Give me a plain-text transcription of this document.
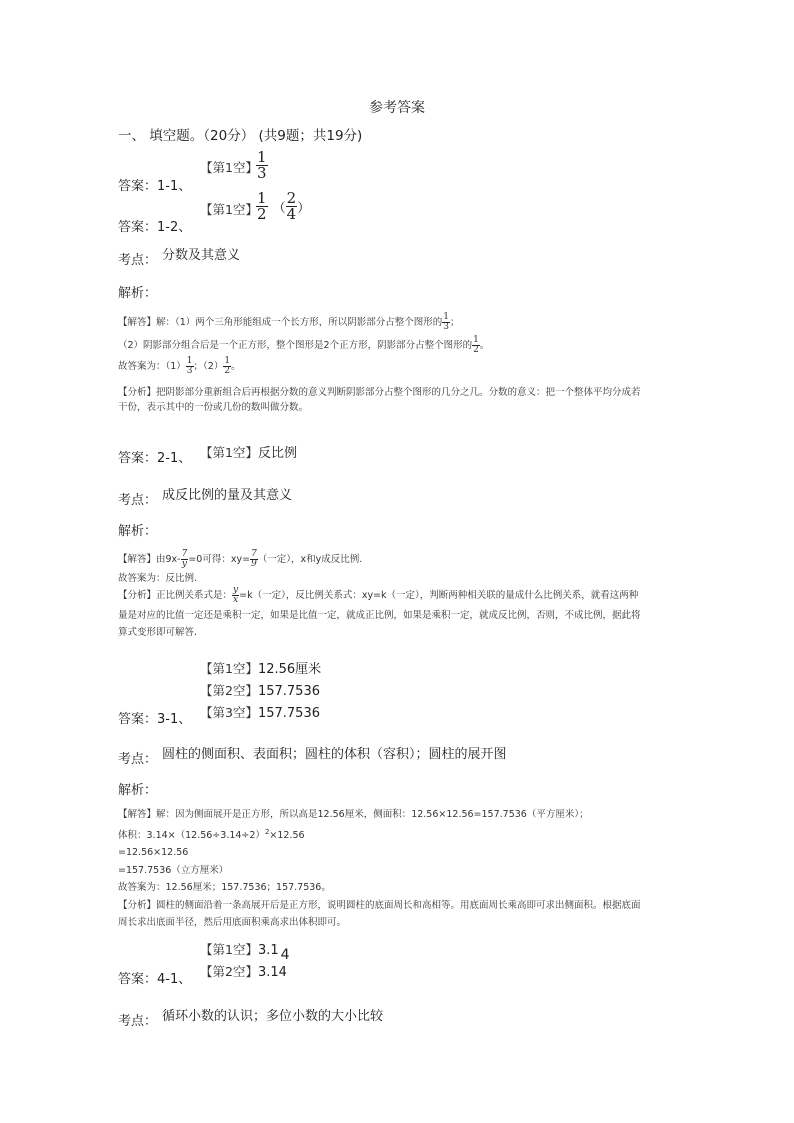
参考答案
一、 填空题。（20分） (共9题；共19分)
【第1空】
$\frac{1}{3}$
答案：1-1、
【第1空】
$\frac{1}{2}$ （ $\frac{2}{4}$ ）
答案：1-2、
考点： 分数及其意义
解析：

【解答】解：（1）两个三角形能组成一个长方形，所以阴影部分占整个图形的 $\frac{1}{3}$ ；

（2）阴影部分组合后是一个正方形，整个图形是2个正方形，阴影部分占整个图形的 $\frac{1}{2}$ 。

故答案为：$(1) \frac{1}{3}$ ；$(2) \frac{1}{2}$ 。

【分析】把阴影部分重新组合后再根据分数的意义判断阴影部分占整个图形的几分之几。分数的意义：把一个整体平均分成若

干份，表示其中的一份或几份的数叫做分数。

答案：2-1、 【第1空】反比例
考点： 成反比例的量及其意义
解析：

【解答】由$9x- \frac{7}{y} =0$可得：$xy= \frac{7}{9}$ （一定），x和y成反比例.

故答案为：反比例.

【分析】正比例关系式是： $\frac{y}{x} =k$（一定），反比例关系式：xy=k（一定），判断两种相关联的量成什么比例关系，就看这两种

量是对应的比值一定还是乘积一定，如果是比值一定，就成正比例，如果是乘积一定，就成反比例，否则，不成比例，据此将

算式变形即可解答.

【第1空】12.56厘米
【第2空】157.7536
【第3空】157.7536
答案：3-1、
考点： 圆柱的侧面积、表面积；圆柱的体积（容积）；圆柱的展开图
解析：

【解答】解：因为侧面展开是正方形，所以高是12.56厘米，侧面积：12.56×12.56=157.7536（平方厘米）；

体积：$3.14\times(12.56\div 3.14\div 2)^2\times 12.56$

=12.56×12.56

=157.7536（立方厘米）

故答案为：12.56厘米；157.7536；157.7536。

【分析】圆柱的侧面沿着一条高展开后是正方形，说明圆柱的底面周长和高相等。用底面周长乘高即可求出侧面积。根据底面

周长求出底面半径，然后用底面积乘高求出体积即可。

【第1空】3.1 4
【第2空】3.14
答案：4-1、
考点： 循环小数的认识；多位小数的大小比较
